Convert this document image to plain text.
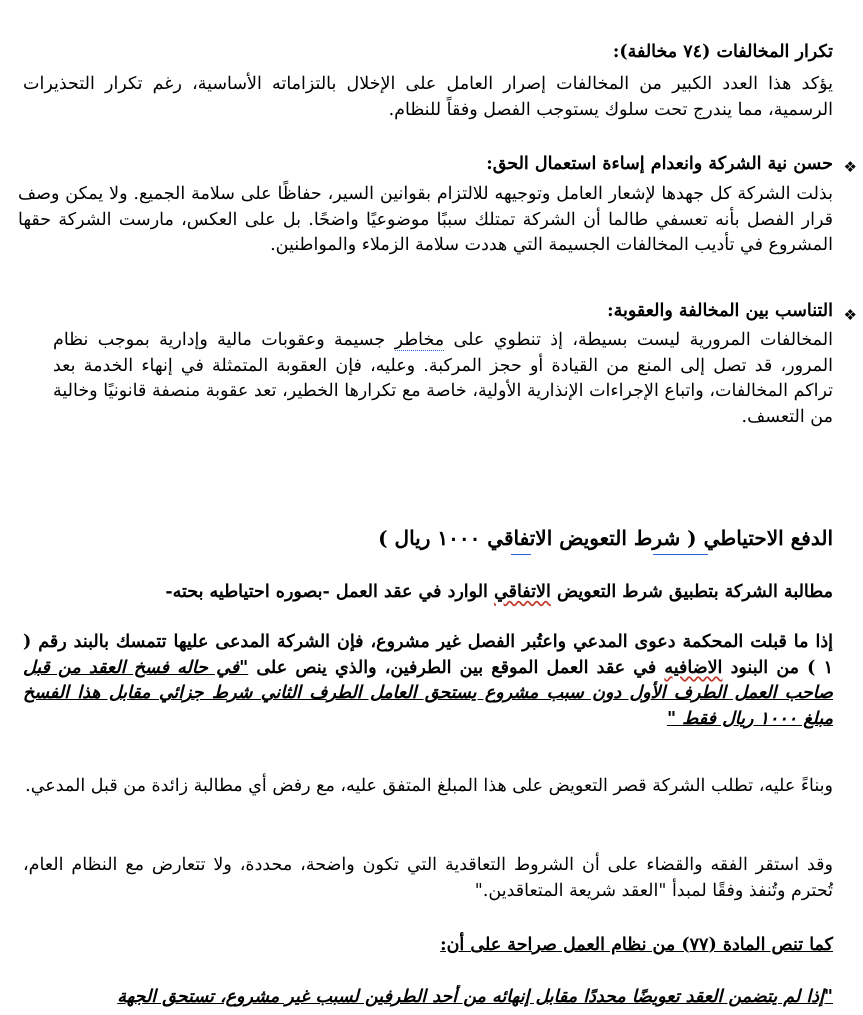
تكرار المخالفات (٧٤ مخالفة):

يؤكد هذا العدد الكبير من المخالفات إصرار العامل على الإخلال بالتزاماته الأساسية، رغم تكرار التحذيرات الرسمية، مما يندرج تحت سلوك يستوجب الفصل وفقاً للنظام.

❖

حسن نية الشركة وانعدام إساءة استعمال الحق:

بذلت الشركة كل جهدها لإشعار العامل وتوجيهه للالتزام بقوانين السير، حفاظًا على سلامة الجميع. ولا يمكن وصف قرار الفصل بأنه تعسفي طالما أن الشركة تمتلك سببًا موضوعيًا واضحًا. بل على العكس، مارست الشركة حقها المشروع في تأديب المخالفات الجسيمة التي هددت سلامة الزملاء والمواطنين.

❖

التناسب بين المخالفة والعقوبة:

المخالفات المرورية ليست بسيطة، إذ تنطوي على مخاطر جسيمة وعقوبات مالية وإدارية بموجب نظام المرور، قد تصل إلى المنع من القيادة أو حجز المركبة. وعليه، فإن العقوبة المتمثلة في إنهاء الخدمة بعد تراكم المخالفات، واتباع الإجراءات الإنذارية الأولية، خاصة مع تكرارها الخطير، تعد عقوبة منصفة قانونيًا وخالية من التعسف.

الدفع الاحتياطي ( شرط التعويض الاتفاقي ١٠٠٠ ريال )

مطالبة الشركة بتطبيق شرط التعويض الاتفاقي الوارد في عقد العمل -بصوره احتياطيه بحته-

إذا ما قبلت المحكمة دعوى المدعي واعتُبر الفصل غير مشروع، فإن الشركة المدعى عليها تتمسك بالبند رقم ( ١ ) من البنود الاضافيه في عقد العمل الموقع بين الطرفين، والذي ينص على "في حاله فسخ العقد من قبل صاحب العمل الطرف الأول دون سبب مشروع يستحق العامل الطرف الثاني شرط جزائي مقابل هذا الفسخ مبلغ ١٠٠٠ ريال فقط "

وبناءً عليه، تطلب الشركة قصر التعويض على هذا المبلغ المتفق عليه، مع رفض أي مطالبة زائدة من قبل المدعي.

وقد استقر الفقه والقضاء على أن الشروط التعاقدية التي تكون واضحة، محددة، ولا تتعارض مع النظام العام، تُحترم وتُنفذ وفقًا لمبدأ "العقد شريعة المتعاقدين."

كما تنص المادة (٧٧) من نظام العمل صراحة على أن:

"إذا لم يتضمن العقد تعويضًا محددًا مقابل إنهائه من أحد الطرفين لسبب غير مشروع، تستحق الجهة
